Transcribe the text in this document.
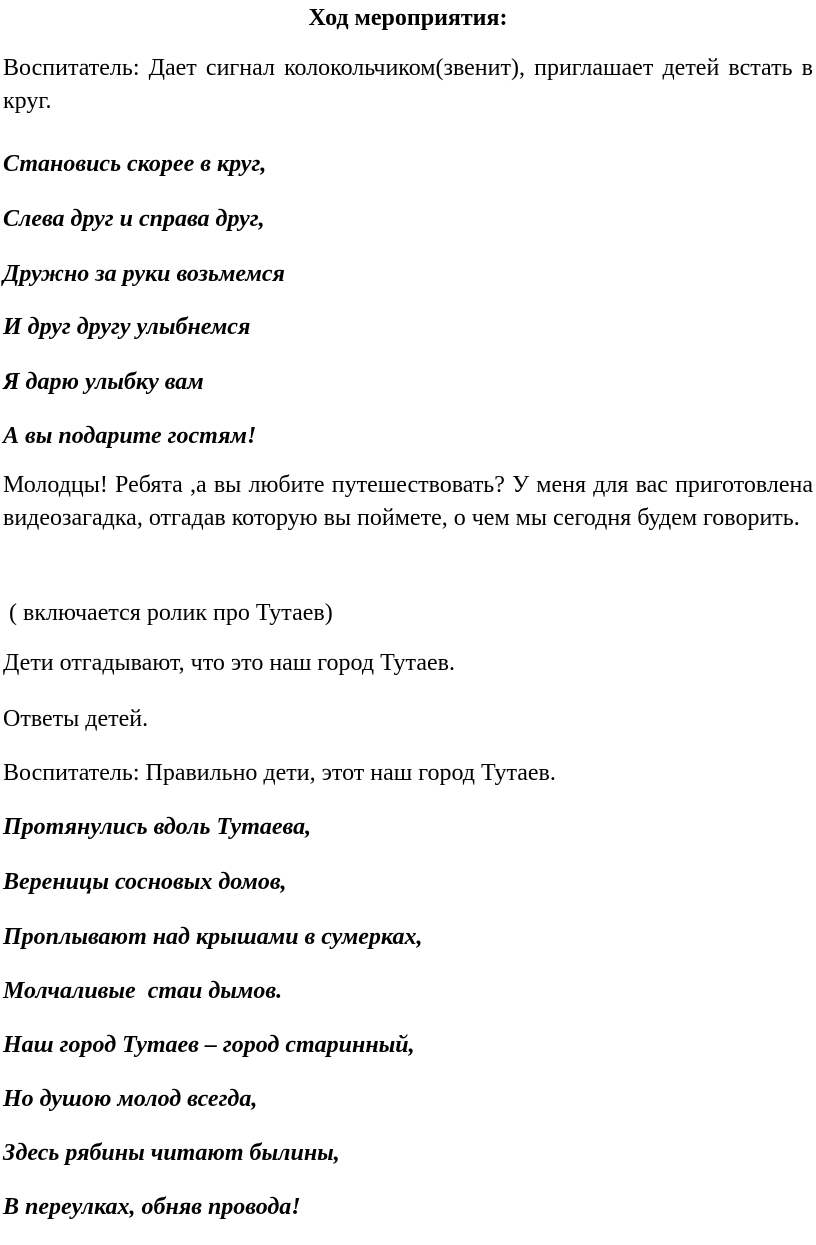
Ход мероприятия:

Воспитатель: Дает сигнал колокольчиком(звенит), приглашает детей встать в круг.

Становись скорее в круг,

Слева друг и справа друг,

Дружно за руки возьмемся

И друг другу улыбнемся

Я дарю улыбку вам

А вы подарите гостям!

Молодцы! Ребята ,а вы любите путешествовать? У меня для вас приготовлена видеозагадка, отгадав которую вы поймете, о чем мы сегодня будем говорить.

( включается ролик про Тутаев)

Дети отгадывают, что это наш город Тутаев.

Ответы детей.

Воспитатель: Правильно дети, этот наш город Тутаев.

Протянулись вдоль Тутаева,

Вереницы сосновых домов,

Проплывают над крышами в сумерках,

Молчаливые  стаи дымов.

Наш город Тутаев – город старинный,

Но душою молод всегда,

Здесь рябины читают былины,

В переулках, обняв провода!
